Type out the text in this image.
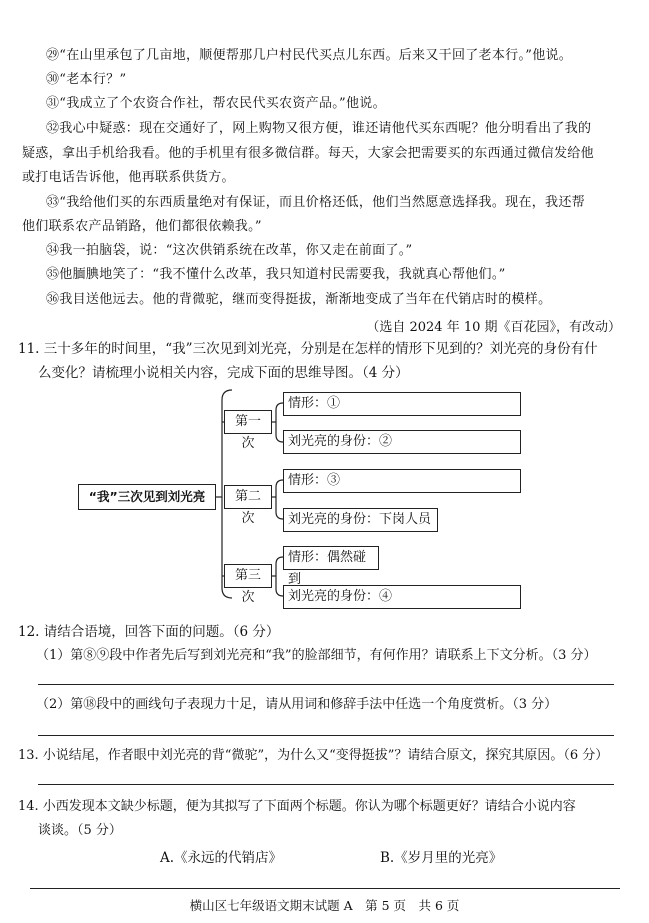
㉙“在山里承包了几亩地，顺便帮那几户村民代买点儿东西。后来又干回了老本行。”他说。
㉚“老本行？”
㉛“我成立了个农资合作社，帮农民代买农资产品。”他说。
㉜我心中疑惑：现在交通好了，网上购物又很方便，谁还请他代买东西呢？他分明看出了我的
疑惑，拿出手机给我看。他的手机里有很多微信群。每天，大家会把需要买的东西通过微信发给他
或打电话告诉他，他再联系供货方。
㉝“我给他们买的东西质量绝对有保证，而且价格还低，他们当然愿意选择我。现在，我还帮
他们联系农产品销路，他们都很依赖我。”
㉞我一拍脑袋，说：“这次供销系统在改革，你又走在前面了。”
㉟他腼腆地笑了：“我不懂什么改革，我只知道村民需要我，我就真心帮他们。”
㊱我目送他远去。他的背微驼，继而变得挺拔，渐渐地变成了当年在代销店时的模样。
（选自 2024 年 10 期《百花园》，有改动）
11. 三十多年的时间里，“我”三次见到刘光亮，分别是在怎样的情形下见到的？刘光亮的身份有什
么变化？请梳理小说相关内容，完成下面的思维导图。（4 分）
“我”三次见到刘光亮
第一次
第二次
第三次
情形：①
刘光亮的身份：②
情形：③
刘光亮的身份：下岗人员
情形：偶然碰到
刘光亮的身份：④
12. 请结合语境，回答下面的问题。（6 分）
（1）第⑧⑨段中作者先后写到刘光亮和“我”的脸部细节，有何作用？请联系上下文分析。（3 分）
（2）第⑱段中的画线句子表现力十足，请从用词和修辞手法中任选一个角度赏析。（3 分）
13. 小说结尾，作者眼中刘光亮的背“微驼”，为什么又“变得挺拔”？请结合原文，探究其原因。（6 分）
14. 小西发现本文缺少标题，便为其拟写了下面两个标题。你认为哪个标题更好？请结合小说内容
谈谈。（5 分）
A.《永远的代销店》	B.《岁月里的光亮》
横山区七年级语文期末试题 A　第 5 页　共 6 页
